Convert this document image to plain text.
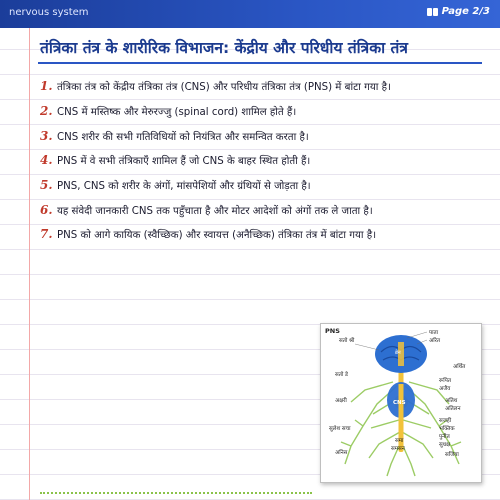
nervous system	Page 2/3
तंत्रिका तंत्र के शारीरिक विभाजन: केंद्रीय और परिधीय तंत्रिका तंत्र
1. तंत्रिका तंत्र को केंद्रीय तंत्रिका तंत्र (CNS) और परिधीय तंत्रिका तंत्र (PNS) में बांटा गया है।
2. CNS में मस्तिष्क और मेरुरज्जु (spinal cord) शामिल होते हैं।
3. CNS शरीर की सभी गतिविधियों को नियंत्रित और समन्वित करता है।
4. PNS में वे सभी तंत्रिकाएँ शामिल हैं जो CNS के बाहर स्थित होती हैं।
5. PNS, CNS को शरीर के अंगों, मांसपेशियों और ग्रंथियों से जोड़ता है।
6. यह संवेदी जानकारी CNS तक पहुँचाता है और मोटर आदेशों को अंगों तक ले जाता है।
7. PNS को आगे कायिक (स्वैच्छिक) और स्वायत्त (अनैच्छिक) तंत्रिका तंत्र में बांटा गया है।
PNS
ब्रेन
CNS
सतो श्री
सतो डे
अक्षरी
सुलेश सचा
अनिस
पाता
अरित
अर्थित
रूपित
अजैव
अतिथ
अतिलन
सजही
भक्तिक
पुनीत
सुधक्ष
सजिया
समा
समसन
